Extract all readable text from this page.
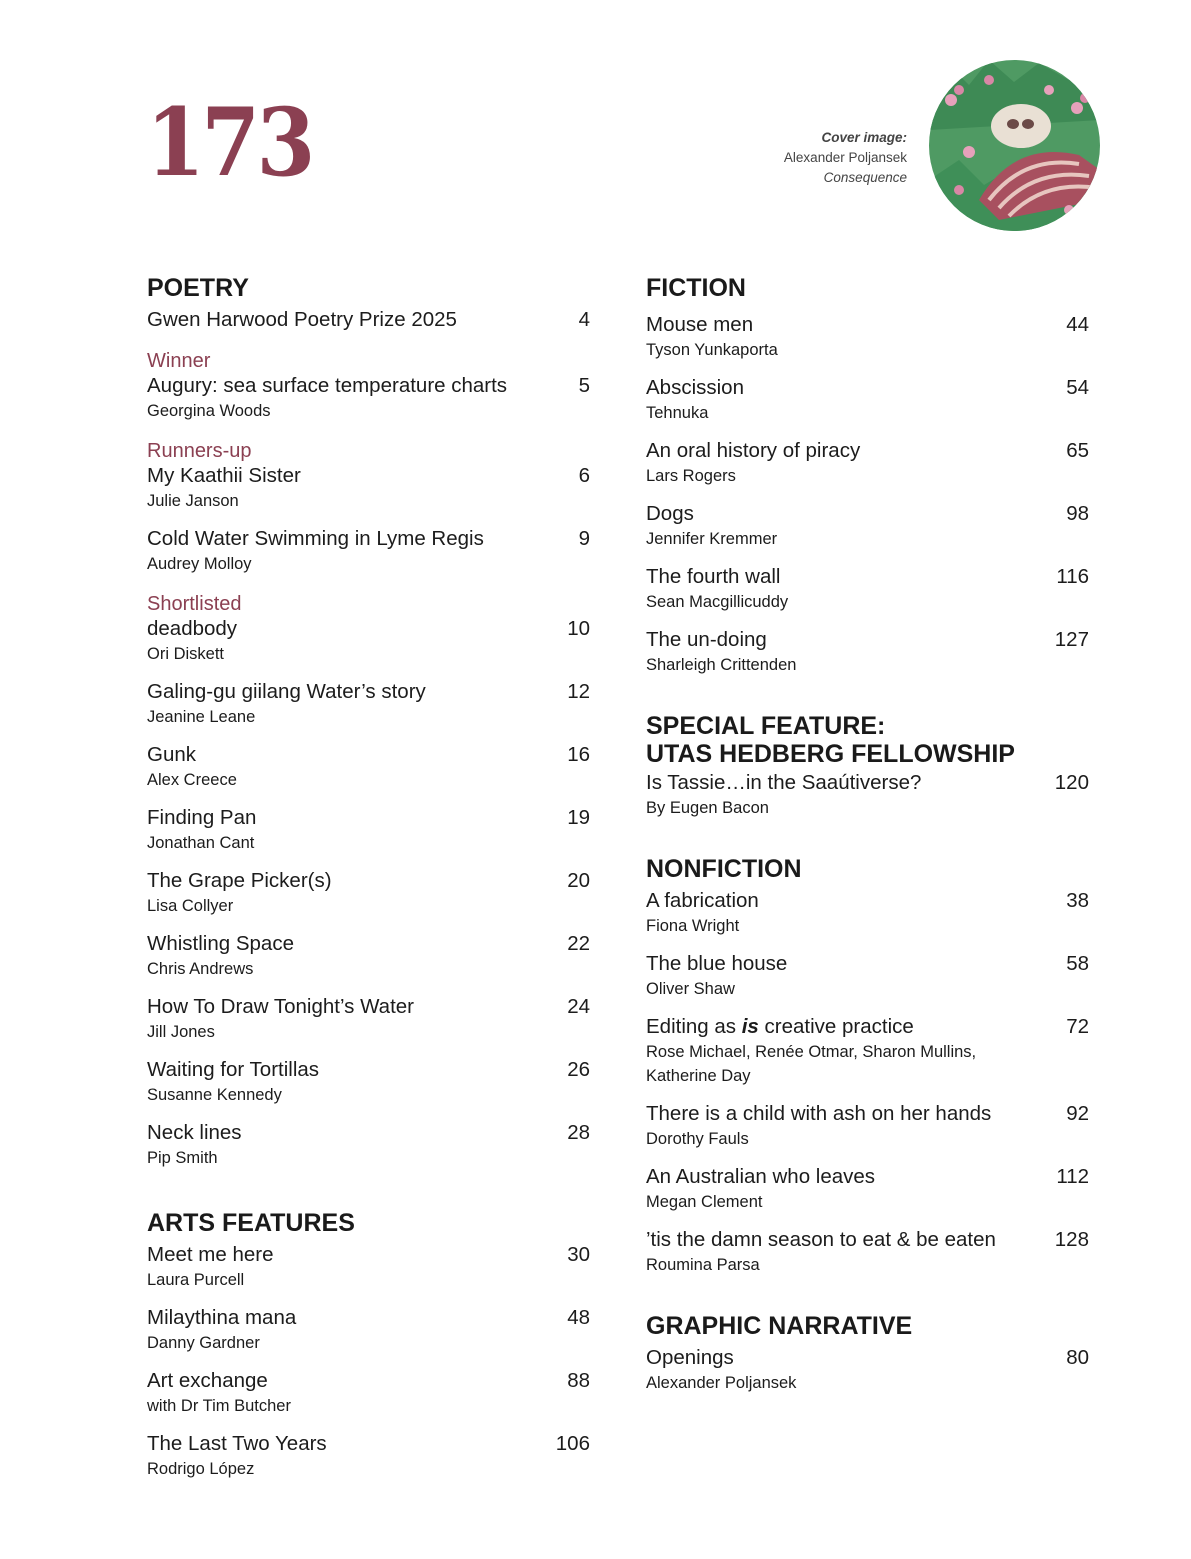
173	Cover image:
Alexander Poljansek
Consequence
POETRY
Gwen Harwood Poetry Prize 2025	4
Winner
Augury: sea surface temperature charts	5
Georgina Woods
Runners-up
My Kaathii Sister	6
Julie Janson
Cold Water Swimming in Lyme Regis	9
Audrey Molloy
Shortlisted
deadbody	10
Ori Diskett
Galing-gu giilang Water’s story	12
Jeanine Leane
Gunk	16
Alex Creece
Finding Pan	19
Jonathan Cant
The Grape Picker(s)	20
Lisa Collyer
Whistling Space	22
Chris Andrews
How To Draw Tonight’s Water	24
Jill Jones
Waiting for Tortillas	26
Susanne Kennedy
Neck lines	28
Pip Smith
ARTS FEATURES
Meet me here	30
Laura Purcell
Milaythina mana	48
Danny Gardner
Art exchange	88
with Dr Tim Butcher
The Last Two Years	106
Rodrigo López
FICTION
Mouse men	44
Tyson Yunkaporta
Abscission	54
Tehnuka
An oral history of piracy	65
Lars Rogers
Dogs	98
Jennifer Kremmer
The fourth wall	116
Sean Macgillicuddy
The un-doing	127
Sharleigh Crittenden
SPECIAL FEATURE:
UTAS HEDBERG FELLOWSHIP
Is Tassie…in the Saaútiverse?	120
By Eugen Bacon
NONFICTION
A fabrication	38
Fiona Wright
The blue house	58
Oliver Shaw
Editing as is creative practice	72
Rose Michael, Renée Otmar, Sharon Mullins, Katherine Day
There is a child with ash on her hands	92
Dorothy Fauls
An Australian who leaves	112
Megan Clement
’tis the damn season to eat & be eaten	128
Roumina Parsa
GRAPHIC NARRATIVE
Openings	80
Alexander Poljansek
